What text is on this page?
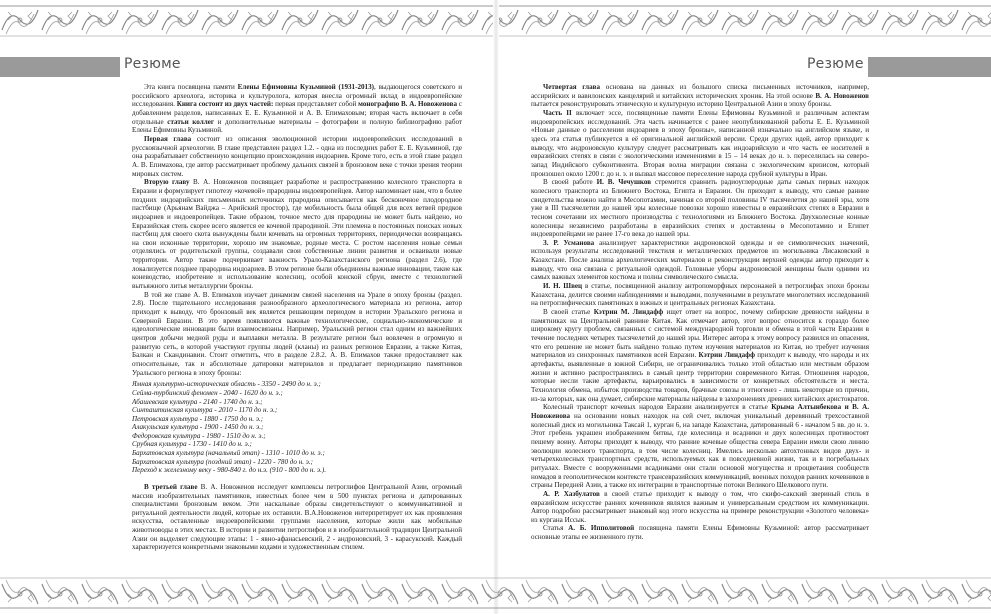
Резюме	Резюме

Эта книга посвящена памяти Елены Ефимовны Кузьминой (1931-2013), выдающегося советского и российского археолога, историка и культуролога, которая внесла огромный вклад в индоевропейские исследования. Книга состоит из двух частей: первая представляет собой монографию В. А. Новоженова с добавлением разделов, написанных Е. Е. Кузьминой и А. В. Епимаховым; вторая часть включает в себя отдельные статьи коллег и дополнительные материалы – фотографии и полную библиографию работ Елены Ефимовны Кузьминой.

Первая глава состоит из описания эволюционной истории индоевропейских исследований в русскоязычной археологии. В главе представлен раздел 1.2. - одна из последних работ Е. Е. Кузьминой, где она разрабатывает собственную концепцию происхождения индоариев. Кроме того, есть в этой главе раздел А. В. Епимахова, где автор рассматривает проблему дальних связей в бронзовом веке с точки зрения теории мировых систем.

Вторую главу В. А. Новоженов посвящает разработке и распространению колесного транспорта в Евразии и формулирует гипотезу «кочевой» прародины индоевропейцев. Автор напоминает нам, что в более поздних индоарийских письменных источниках прародина описывается как бесконечное плодородное пастбище (Арьянам Вайджа – Арийский простор), где мобильность была общей для всех ветвей предков индоариев и индоевропейцев. Такие образом, точное место для прародины не может быть найдено, но Евразийская степь скорее всего является ее кочевой прародиной. Эти племена в постоянных поисках новых пастбищ для своего скота вынуждены были кочевать на огромных территориях, периодически возвращаясь на свои исконные территории, хорошо им знакомые, родные места. С ростом населения новые семьи отделялись от родительской группы, создавали свои собственные линии развития и осваивали новые территории. Автор также подчеркивает важность Урало-Казахстанского региона (раздел 2.6), где локализуется позднее прародина индоариев. В этом регионе были объединены важные инновации, такие как коневодство, изобретение и использование колесниц, особой конской сбруи, вместе с технологией вытьяжного литья металлургии бронзы.

В той же главе А. В. Епимахов изучает динамизм связей населения на Урале в эпоху бронзы (раздел. 2.8). После тщательного исследования разнообразного археологического материала из региона, автор приходит к выводу, что бронзовый век является решающим периодом в истории Уральского региона и Северной Евразии. В это время появляются важные технологические, социально-экономические и идеологические инновации были взаимосвязаны. Например, Уральский регион стал одним из важнейших центров добычи медной руды и выплавки металла. В результате регион был вовлечен в огромную и развитую сеть, в которой участвуют группы людей (кланы) из разных регионов Евразии, а также Китая, Балкан и Скандинавии. Стоит отметить, что в разделе 2.8.2. А. В. Епимахов также предоставляет как относительные, так и абсолютные датировки материалов и предлагает периодизацию памятников Уральского региона в эпоху бронзы:

Ямная культурно-историческая область - 3350 - 2490 до н. э.;
Сейма-турбинский феномен - 2040 - 1620 до н. э.;
Абашевская культура - 2140 - 1740 до н. э.;
Синташтинская культура - 2010 - 1170 до н. э.;
Петровская культура - 1880 - 1750 до н. э.;
Алакульская культура - 1900 - 1450 до н. э.;
Федоровская культура - 1980 - 1510 до н. э.;
Срубная культура - 1730 - 1410 до н. э.;
Бархатовская культура (начальный этап) - 1310 - 1010 до н. э.;
Бархатовская культура (поздний этап) - 1220 - 780 до н. э.;
Переход к железному веку - 980-840 г. до н.э. (910 - 800 до н. э.).

В третьей главе В. А. Новоженов исследует комплексы петроглифов Центральной Азии, огромный массив изобразительных памятников, известных более чем в 500 пунктах региона и датированных специалистами бронзовым веком. Эти наскальные образы свидетельствуют о коммуникативной и ритуальной деятельности людей, которые их оставили. В.А.Новоженов интерпретирует их как проявления искусства, оставленные индоевропейскими группами населения, которые жили как мобильные животноводы в этих местах. В истории и развитии петроглифов и в изобразительной традиции Центральной Азии он выделяет следующие этапы: 1 - явно-афанасьевский, 2 - андроновский, 3 - карасукский. Каждый характеризуется конкретными знаковыми кодами и художественным стилем.

Четвертая глава основана на данных из большого списка письменных источников, например, ассирийских и вавилонских канцелярий и китайских исторических хроник. На этой основе В. А. Новоженов пытается реконструировать этническую и культурную историю Центральной Азии в эпоху бронзы.

Часть II включает эссе, посвященные памяти Елены Ефимовны Кузьминой и различным аспектам индоевропейских исследований. Эта часть начинается с ранее неопубликованной работы Е. Е. Кузьминой «Новые данные о расселении индоариев в эпоху бронзы», написанной изначально на английском языке, и здесь эта статья публикуется в её оригинальной английской версии. Среди других идей, автор приходит к выводу, что андроновскую культуру следует рассматривать как индоарийскую и что часть ее носителей в евразийских степях в связи с экологическими изменениями в 15 – 14 веках до н. э. переселилась на северо-запад Индийского субконтинента. Вторая волна миграции связана с экологическим кризисом, который произошел около 1200 г. до н. э. и вызвал массовое переселение народа срубной культуры в Иран.

В своей работе И. В. Чечушков стремится сравнить радиоуглеродные даты самых первых находок колесного транспорта из Ближнего Востока, Египта и Евразии. Он приходит к выводу, что самые ранние свидетельства можно найти в Месопотамии, начиная со второй половины IV тысячелетия до нашей эры, хотя уже в III тысячелетии до нашей эры колесные повозки хорошо известны в евразийских степях в Евразии в тесном сочетании их местного производства с технологиями из Ближнего Востока. Двухколесные конные колесницы независимо разработаны в евразийских степях и доставлены в Месопотамию и Египет индоевропейцами не ранее 17-го века до нашей эры.

З. Р. Усманова анализирует характеристики андроновской одежды и ее символических значений, используя результаты исследований текстиля и металлических предметов из могильника Лисаковский в Казахстане. После анализа археологических материалов и реконструкции верхней одежды автор приходит к выводу, что она связана с ритуальной одеждой. Головные уборы андроновской женщины были одними из самых важных элементов костюма и полны символического смысла.

И. Н. Швец в статье, посвященной анализу антропоморфных персонажей в петроглифах эпохи бронзы Казахстана, делится своими наблюдениями и выводами, полученными в результате многолетних исследований на петроглифических памятниках в южных и центральных регионах Казахстана.

В своей статье Кэтрин М. Линдафф ищет ответ на вопрос, почему сибирские древности найдены в памятниках на Центральной равнине Китая. Как отмечает автор, этот вопрос относится к гораздо более широкому кругу проблем, связанных с системой международной торговли и обмена в этой части Евразии в течение последних четырех тысячелетий до нашей эры. Интерес автора к этому вопросу развился из опасения, что его решение не может быть найдено только путем изучения материалов из Китая, но требует изучения материалов из синхронных памятников всей Евразии. Кэтрин Линдафф приходит к выводу, что народы и их артефакты, выявленные в южной Сибири, не ограничивались только этой областью или местным образом жизни и активно распространялись в самый центр территории современного Китая. Отношения народов, которые несли такие артефакты, варьировались в зависимости от конкретных обстоятельств и места. Технология обмена, избыток производства товаров, брачные союзы и этногенез - лишь некоторые из причин, из-за которых, как она думает, сибирские материалы найдены в захоронениях древних китайских аристократов.

Колесный транспорт кочевых народов Евразии анализируется в статье Крыма Алтынбекова и В. А. Новоженова на основании новых находок на сей счет, включая уникальный деревянный трехсоставной колесный диск из могильника Таксай 1, курган 6, на западе Казахстана, датированный 6 - началом 5 вв. до н. э. Этот гребень украшен изображением битвы, где колесница и всадники и двух колесницах противостоят пешему воину. Авторы приходят к выводу, что ранние кочевые общества севера Евразии имели свою линию эволюции колесного транспорта, в том числе колесниц. Имелись несколько автохтонных видов двух- и четырехколесных транспортных средств, используемых как в повседневной жизни, так и в погребальных ритуалах. Вместе с вооруженными всадниками они стали основой могущества и процветания сообществ номадов в геополитическом контексте трансевразийских коммуникаций, военных походов ранних кочевников в страны Передней Азии, а также их интеграции в транспортные потоки Великого Шелкового пути.

А. Р. Хазбулатов в своей статье приходит к выводу о том, что скифо-сакский звериный стиль в евразийском искусстве ранних кочевников являлся важным и универсальным средством их коммуникации. Автор подробно рассматривает знаковый код этого искусства на примере реконструкции «Золотого человека» из кургана Иссык.

Статья А. Б. Ипполитовой посвящена памяти Елены Ефимовны Кузьминой: автор рассматривает основные этапы ее жизненного пути.
